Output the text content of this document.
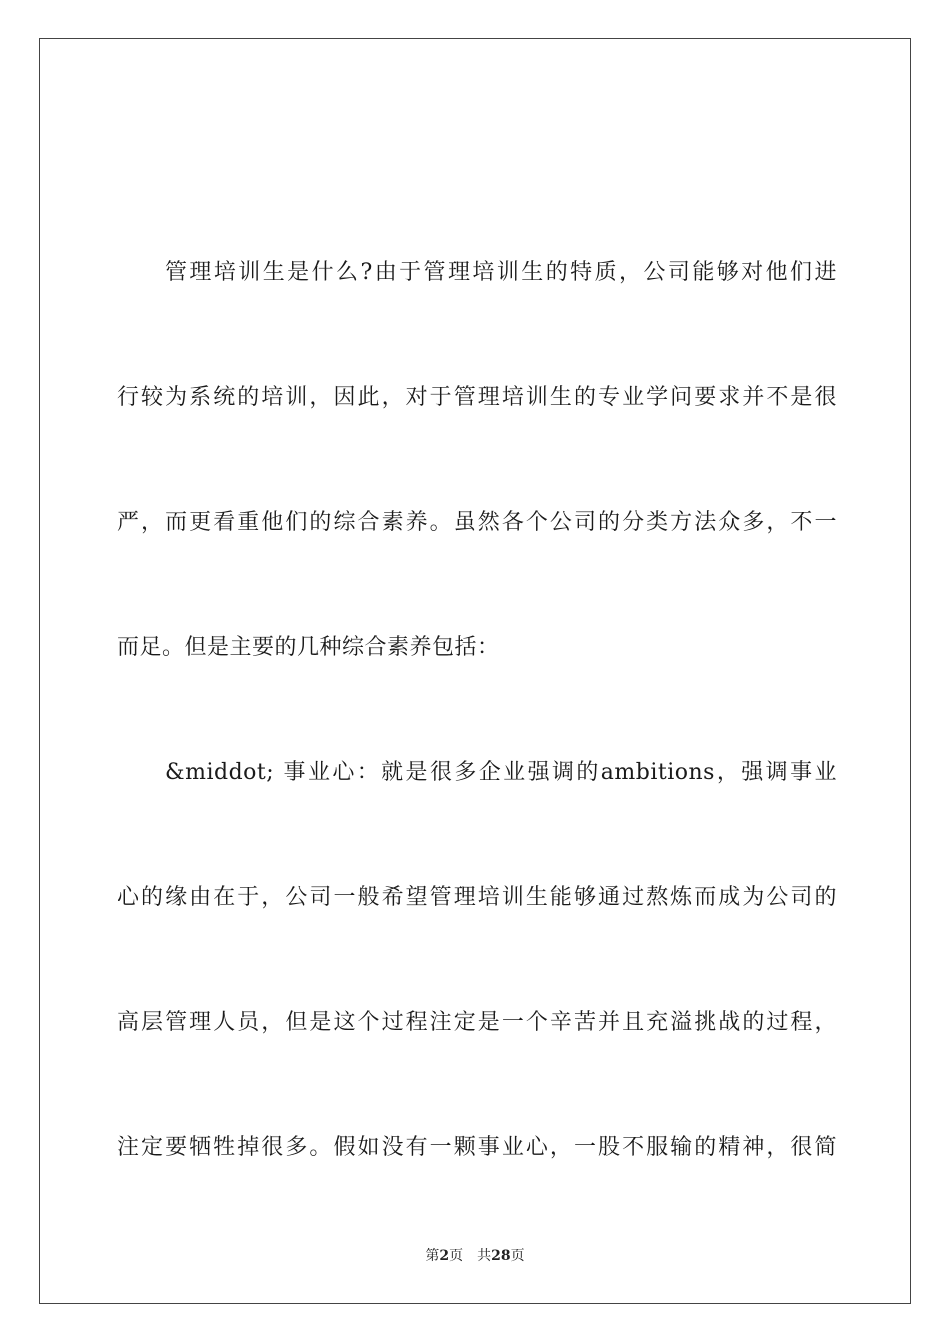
管理培训生是什么?由于管理培训生的特质，公司能够对他们进
行较为系统的培训，因此，对于管理培训生的专业学问要求并不是很
严，而更看重他们的综合素养。虽然各个公司的分类方法众多，不一
而足。但是主要的几种综合素养包括：
&middot; 事业心：就是很多企业强调的ambitions，强调事业
心的缘由在于，公司一般希望管理培训生能够通过熬炼而成为公司的
高层管理人员，但是这个过程注定是一个辛苦并且充溢挑战的过程，
注定要牺牲掉很多。假如没有一颗事业心，一股不服输的精神，很简
第2页 共28页
